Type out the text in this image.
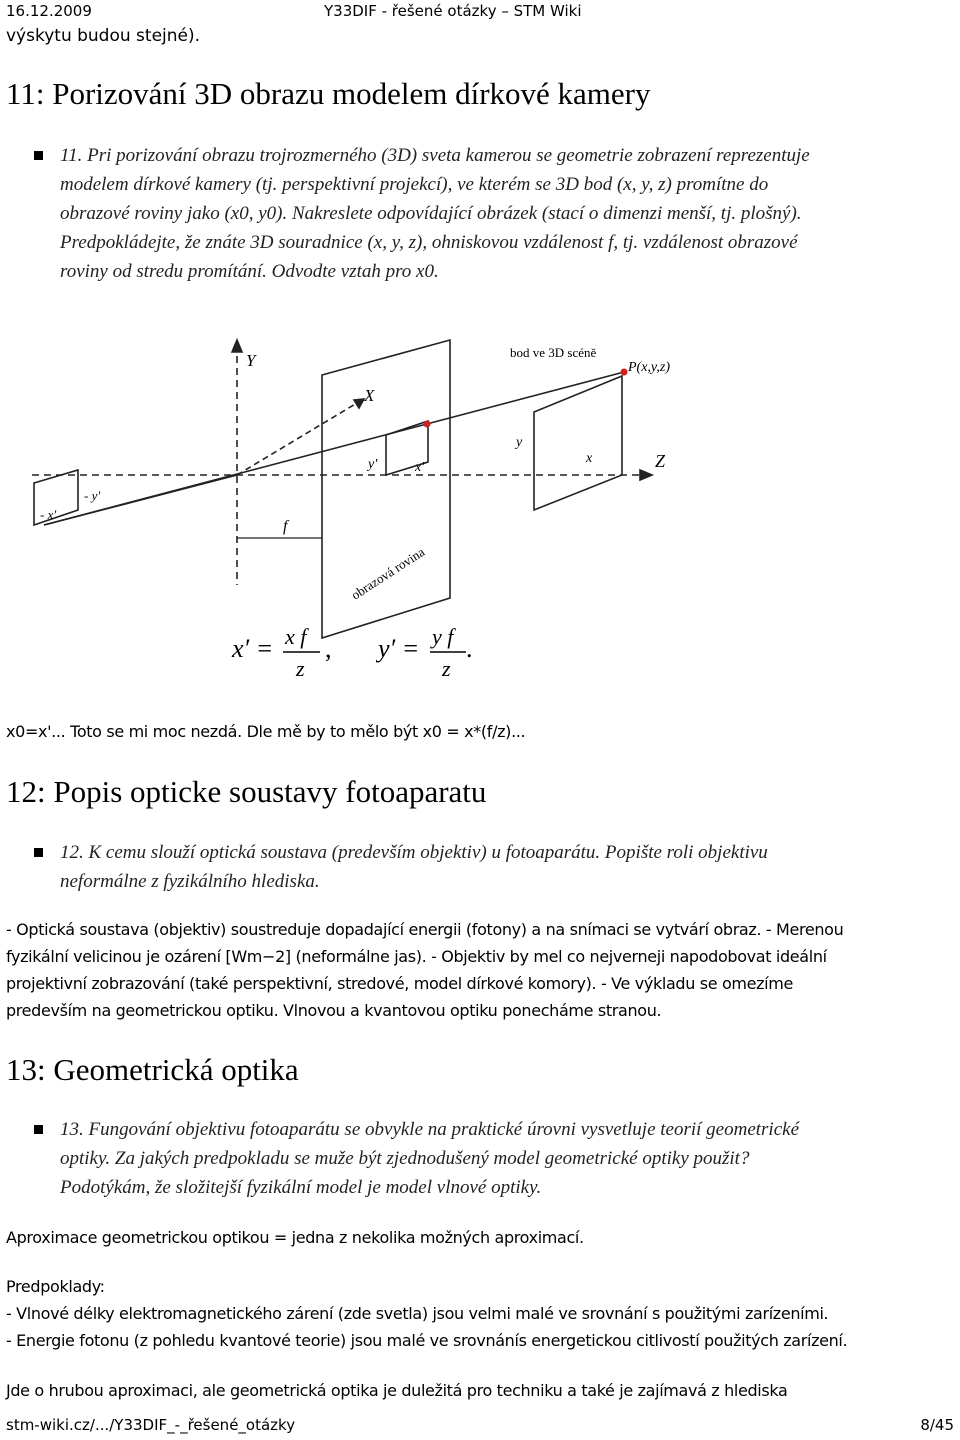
16.12.2009	Y33DIF - řešené otázky – STM Wiki
výskytu budou stejné).
11: Porizování 3D obrazu modelem dírkové kamery
11. Pri porizování obrazu trojrozmerného (3D) sveta kamerou se geometrie zobrazení reprezentuje
modelem dírkové kamery (tj. perspektivní projekcí), ve kterém se 3D bod (x, y, z) promítne do
obrazové roviny jako (x0, y0). Nakreslete odpovídající obrázek (stací o dimenzi menší, tj. plošný).
Predpokládejte, že znáte 3D souradnice (x, y, z), ohniskovou vzdálenost f, tj. vzdálenost obrazové
roviny od stredu promítání. Odvodte vztah pro x0.
Y
X
Z
f
bod ve 3D scéně
P(x,y,z)
y
x
y'	x'
- y'
- x'
obrazová rovina
x′ = x f
z
, y′ = y f
z
.
x0=x'... Toto se mi moc nezdá. Dle mě by to mělo být x0 = x*(f/z)...
12: Popis opticke soustavy fotoaparatu
12. K cemu slouží optická soustava (predevším objektiv) u fotoaparátu. Popište roli objektivu
neformálne z fyzikálního hlediska.
- Optická soustava (objektiv) soustreduje dopadající energii (fotony) a na snímaci se vytvárí obraz. - Merenou
fyzikální velicinou je ozárení [Wm−2] (neformálne jas). - Objektiv by mel co nejverneji napodobovat ideální
projektivní zobrazování (také perspektivní, stredové, model dírkové komory). - Ve výkladu se omezíme
predevším na geometrickou optiku. Vlnovou a kvantovou optiku ponecháme stranou.
13: Geometrická optika
13. Fungování objektivu fotoaparátu se obvykle na praktické úrovni vysvetluje teorií geometrické
optiky. Za jakých predpokladu se muže být zjednodušený model geometrické optiky použit?
Podotýkám, že složitejší fyzikální model je model vlnové optiky.
Aproximace geometrickou optikou = jedna z nekolika možných aproximací.
Predpoklady:
- Vlnové délky elektromagnetického zárení (zde svetla) jsou velmi malé ve srovnání s použitými zarízeními.
- Energie fotonu (z pohledu kvantové teorie) jsou malé ve srovnánís energetickou citlivostí použitých zarízení.
Jde o hrubou aproximaci, ale geometrická optika je duležitá pro techniku a také je zajímavá z hlediska
stm-wiki.cz/.../Y33DIF_-_řešené_otázky	8/45
